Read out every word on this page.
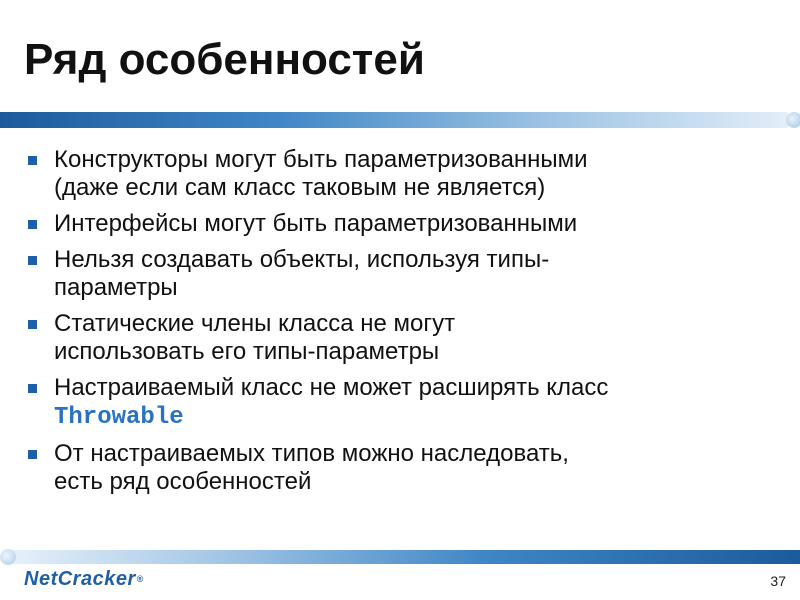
Ряд особенностей
Конструкторы могут быть параметризованными
(даже если сам класс таковым не является)
Интерфейсы могут быть параметризованными
Нельзя создавать объекты, используя типы-
параметры
Статические члены класса не могут
использовать его типы-параметры
Настраиваемый класс не может расширять класс
Throwable
От настраиваемых типов можно наследовать,
есть ряд особенностей
NetCracker®	37
